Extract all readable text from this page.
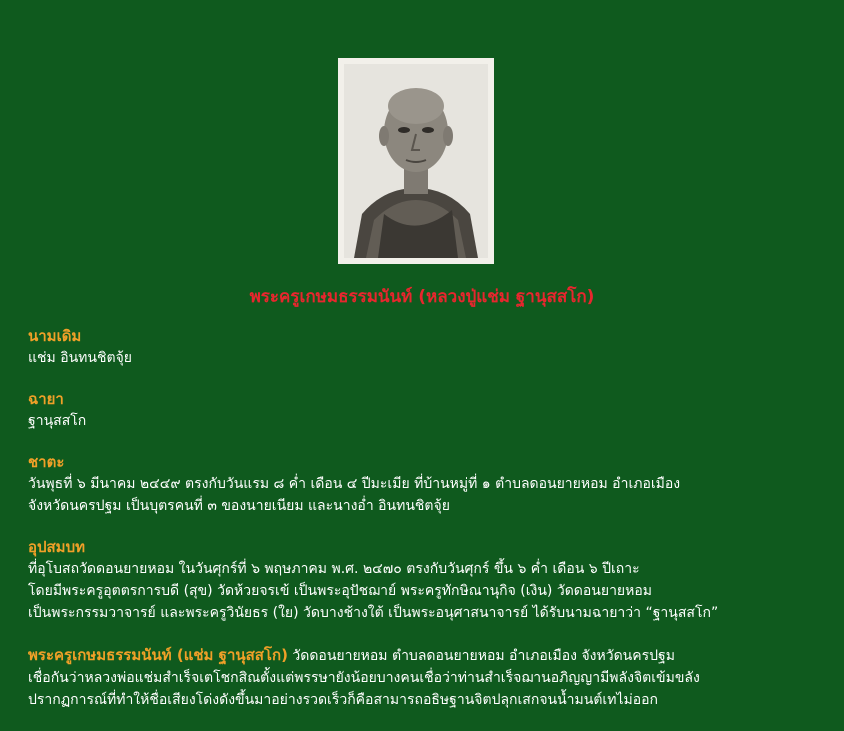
พระครูเกษมธรรมนันท์ (หลวงปู่แช่ม ฐานุสสโก)
นามเดิม
แช่ม อินทนชิตจุ้ย
ฉายา
ฐานุสสโก
ชาตะ
วันพุธที่ ๖ มีนาคม ๒๔๔๙ ตรงกับวันแรม ๘ ค่ำ เดือน ๔ ปีมะเมีย ที่บ้านหมู่ที่ ๑ ตำบลดอนยายหอม อำเภอเมือง
จังหวัดนครปฐม เป็นบุตรคนที่ ๓ ของนายเนียม และนางอ่ำ อินทนชิตจุ้ย
อุปสมบท
ที่อุโบสถวัดดอนยายหอม ในวันศุกร์ที่ ๖ พฤษภาคม พ.ศ. ๒๔๗๐ ตรงกับวันศุกร์ ขึ้น ๖ ค่ำ เดือน ๖ ปีเถาะ
โดยมีพระครูอุตตรการบดี (สุข) วัดห้วยจรเข้ เป็นพระอุปัชฌาย์ พระครูทักษิณานุกิจ (เงิน) วัดดอนยายหอม
เป็นพระกรรมวาจารย์ และพระครูวินัยธร (ใย) วัดบางช้างใต้ เป็นพระอนุศาสนาจารย์ ได้รับนามฉายาว่า “ฐานุสสโก”
พระครูเกษมธรรมนันท์ (แช่ม ฐานุสสโก) วัดดอนยายหอม ตำบลดอนยายหอม อำเภอเมือง จังหวัดนครปฐม
เชื่อกันว่าหลวงพ่อแช่มสำเร็จเตโชกสิณตั้งแต่พรรษายังน้อยบางคนเชื่อว่าท่านสำเร็จฌานอภิญญามีพลังจิตเข้มขลัง
ปรากฏการณ์ที่ทำให้ชื่อเสียงโด่งดังขึ้นมาอย่างรวดเร็วก็คือสามารถอธิษฐานจิตปลุกเสกจนน้ำมนต์เทไม่ออก
